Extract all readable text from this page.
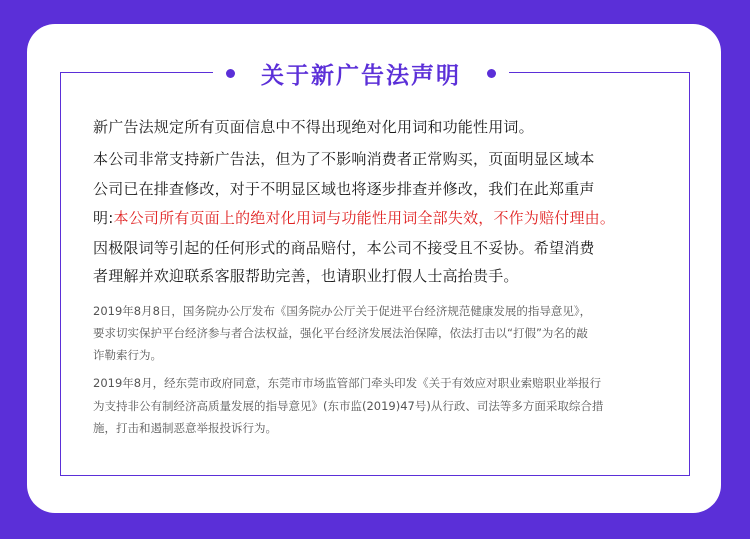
关于新广告法声明
新广告法规定所有页面信息中不得出现绝对化用词和功能性用词。
本公司非常支持新广告法，但为了不影响消费者正常购买，页面明显区域本
公司已在排查修改，对于不明显区域也将逐步排查并修改，我们在此郑重声
明:本公司所有页面上的绝对化用词与功能性用词全部失效，不作为赔付理由。
因极限词等引起的任何形式的商品赔付，本公司不接受且不妥协。希望消费
者理解并欢迎联系客服帮助完善，也请职业打假人士高抬贵手。
2019年8月8日，国务院办公厅发布《国务院办公厅关于促进平台经济规范健康发展的指导意见》，
要求切实保护平台经济参与者合法权益，强化平台经济发展法治保障，依法打击以“打假”为名的敲
诈勒索行为。
2019年8月，经东莞市政府同意，东莞市市场监管部门牵头印发《关于有效应对职业索赔职业举报行
为支持非公有制经济高质量发展的指导意见》(东市监(2019)47号)从行政、司法等多方面采取综合措
施，打击和遏制恶意举报投诉行为。
